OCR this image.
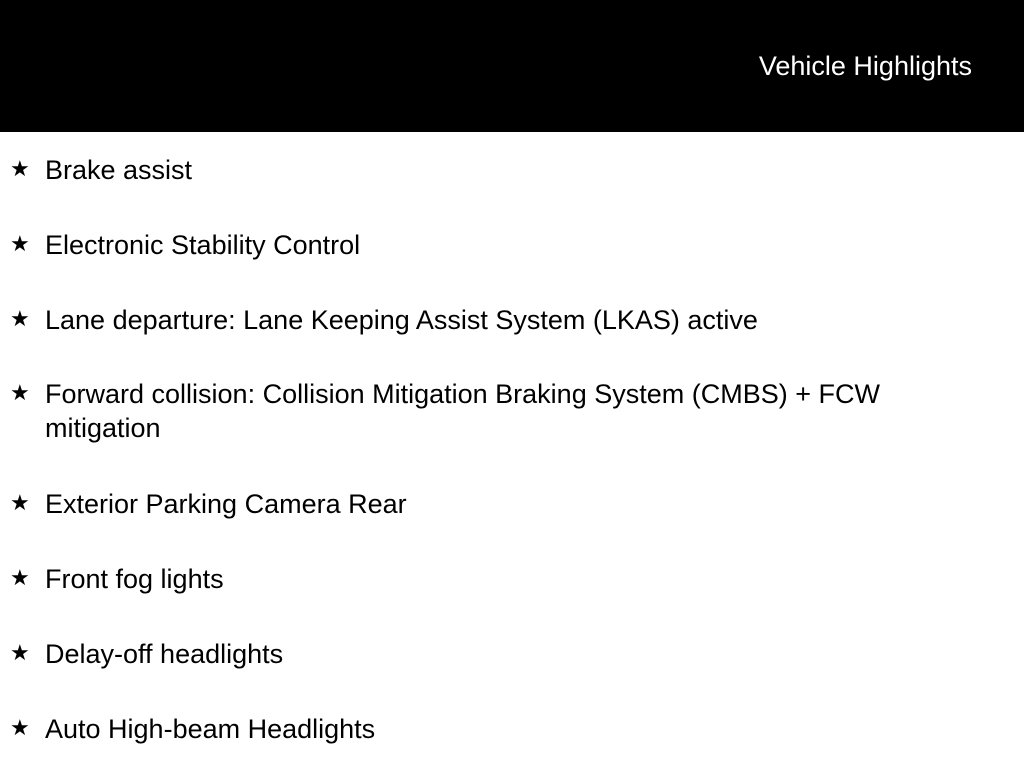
Vehicle Highlights
★ Brake assist
★ Electronic Stability Control
★ Lane departure: Lane Keeping Assist System (LKAS) active
★ Forward collision: Collision Mitigation Braking System (CMBS) + FCW mitigation
★ Exterior Parking Camera Rear
★ Front fog lights
★ Delay-off headlights
★ Auto High-beam Headlights
